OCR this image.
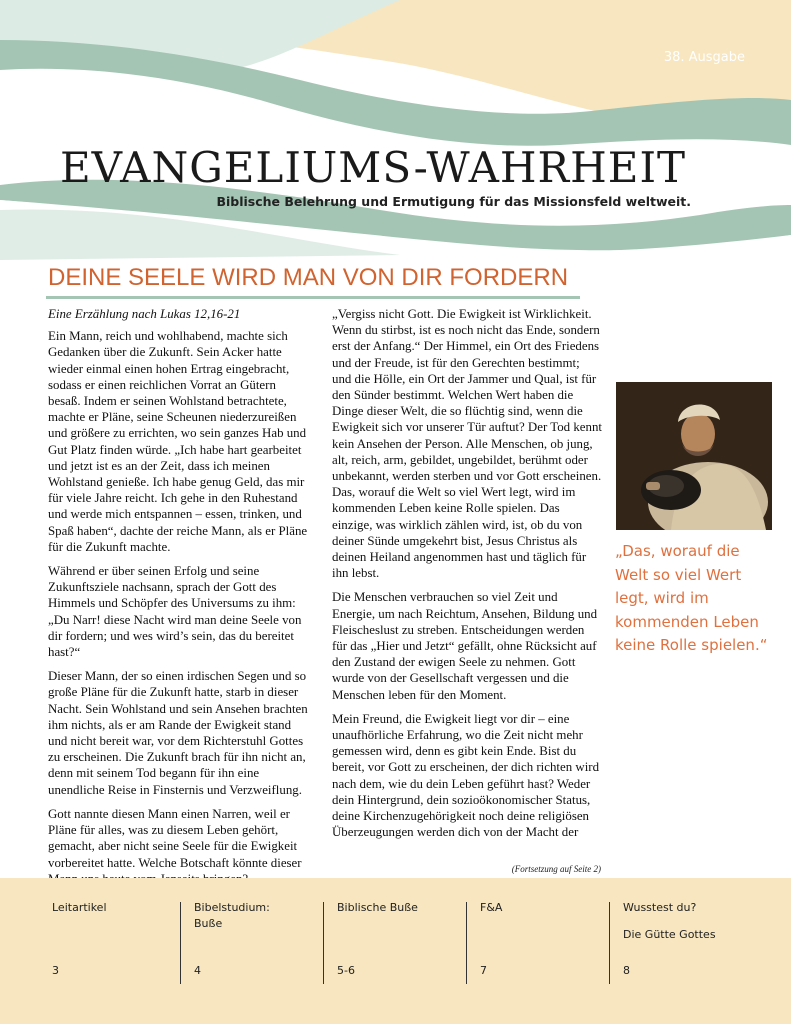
38. Ausgabe
EVANGELIUMS-WAHRHEIT
Biblische Belehrung und Ermutigung für das Missionsfeld weltweit.
DEINE SEELE WIRD MAN VON DIR FORDERN

Eine Erzählung nach Lukas 12,16-21

Ein Mann, reich und wohlhabend, machte sich Gedanken über die Zukunft. Sein Acker hatte wieder einmal einen hohen Ertrag eingebracht, sodass er einen reichlichen Vorrat an Gütern besaß. Indem er seinen Wohlstand betrachtete, machte er Pläne, seine Scheunen niederzureißen und größere zu errichten, wo sein ganzes Hab und Gut Platz finden würde. „Ich habe hart gearbeitet und jetzt ist es an der Zeit, dass ich meinen Wohlstand genieße. Ich habe genug Geld, das mir für viele Jahre reicht. Ich gehe in den Ruhestand und werde mich entspannen – essen, trinken, und Spaß haben“, dachte der reiche Mann, als er Pläne für die Zukunft machte.

Während er über seinen Erfolg und seine Zukunftsziele nachsann, sprach der Gott des Himmels und Schöpfer des Universums zu ihm: „Du Narr! diese Nacht wird man deine Seele von dir fordern; und wes wird’s sein, das du bereitet hast?“

Dieser Mann, der so einen irdischen Segen und so große Pläne für die Zukunft hatte, starb in dieser Nacht. Sein Wohlstand und sein Ansehen brachten ihm nichts, als er am Rande der Ewigkeit stand und nicht bereit war, vor dem Richterstuhl Gottes zu erscheinen. Die Zukunft brach für ihn nicht an, denn mit seinem Tod begann für ihn eine unendliche Reise in Finsternis und Verzweiflung.

Gott nannte diesen Mann einen Narren, weil er Pläne für alles, was zu diesem Leben gehört, gemacht, aber nicht seine Seele für die Ewigkeit vorbereitet hatte. Welche Botschaft könnte dieser

„Vergiss nicht Gott. Die Ewigkeit ist Wirklichkeit. Wenn du stirbst, ist es noch nicht das Ende, sondern erst der Anfang.“ Der Himmel, ein Ort des Friedens und der Freude, ist für den Gerechten bestimmt; und die Hölle, ein Ort der Jammer und Qual, ist für den Sünder bestimmt. Welchen Wert haben die Dinge dieser Welt, die so flüchtig sind, wenn die Ewigkeit sich vor unserer Tür auftut? Der Tod kennt kein Ansehen der Person. Alle Menschen, ob jung, alt, reich, arm, gebildet, ungebildet, berühmt oder unbekannt, werden sterben und vor Gott erscheinen. Das, worauf die Welt so viel Wert legt, wird im kommenden Leben keine Rolle spielen. Das einzige, was wirklich zählen wird, ist, ob du von deiner Sünde umgekehrt bist, Jesus Christus als deinen Heiland angenommen hast und täglich für ihn lebst.

Die Menschen verbrauchen so viel Zeit und Energie, um nach Reichtum, Ansehen, Bildung und Fleischeslust zu streben. Entscheidungen werden für das „Hier und Jetzt“ gefällt, ohne Rücksicht auf den Zustand der ewigen Seele zu nehmen. Gott wurde von der Gesellschaft vergessen und die Menschen leben für den Moment.

Mein Freund, die Ewigkeit liegt vor dir – eine unaufhörliche Erfahrung, wo die Zeit nicht mehr gemessen wird, denn es gibt kein Ende. Bist du bereit, vor Gott zu erscheinen, der dich richten wird nach dem, wie du dein Leben geführt hast? Weder dein Hintergrund, dein sozioökonomischer Status, deine Kirchenzugehörigkeit noch deine religiösen Überzeugungen werden dich von der Macht der

(Fortsetzung auf Seite 2)
„Das, worauf die Welt so viel Wert legt, wird im kommenden Leben keine Rolle spielen.“
Leitartikel
3
Bibelstudium: Buße
4
Biblische Buße
5-6
F&A
7
Wusstest du?
Die Gütte Gottes
8
